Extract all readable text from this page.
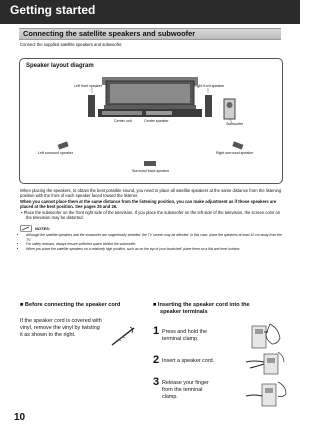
Getting started
Connecting the satellite speakers and subwoofer
Connect the supplied satellite speakers and subwoofer.
Speaker layout diagram
Left front speaker	Right front speaker
Center unit	Center speaker
Subwoofer
Left surround speaker	Right surround speaker
Surround back speaker

When placing the speakers, to obtain the best possible sound, you need to place all satellite speakers at the same distance from the listening position with the front of each speaker faced toward the listener.

When you cannot place them at the same distance from the listening position, you can make adjustment as if those speakers are placed at the best position. See pages 25 and 26.

• Place the subwoofer on the front right side of the television. If you place the subwoofer on the left side of the television, the screen color on the television may be distorted.

NOTES:
• Although the satellite speakers and the subwoofer are magnetically shielded, the TV screen may be affected. In this case, place the speakers at least 10 cm away from the TV.
• For safety reasons, always ensure sufficient space behind the subwoofer.
• When you place the satellite speakers on a relatively high position, such as on the top of your bookshelf, place them on a flat and level surface.
■ Before connecting the speaker cord
If the speaker cord is covered with vinyl, remove the vinyl by twisting it as shown to the right.
■ Inserting the speaker cord into the
speaker terminals
1 Press and hold the terminal clamp.
2 Insert a speaker cord.
3 Release your finger from the terminal clamp.
10
